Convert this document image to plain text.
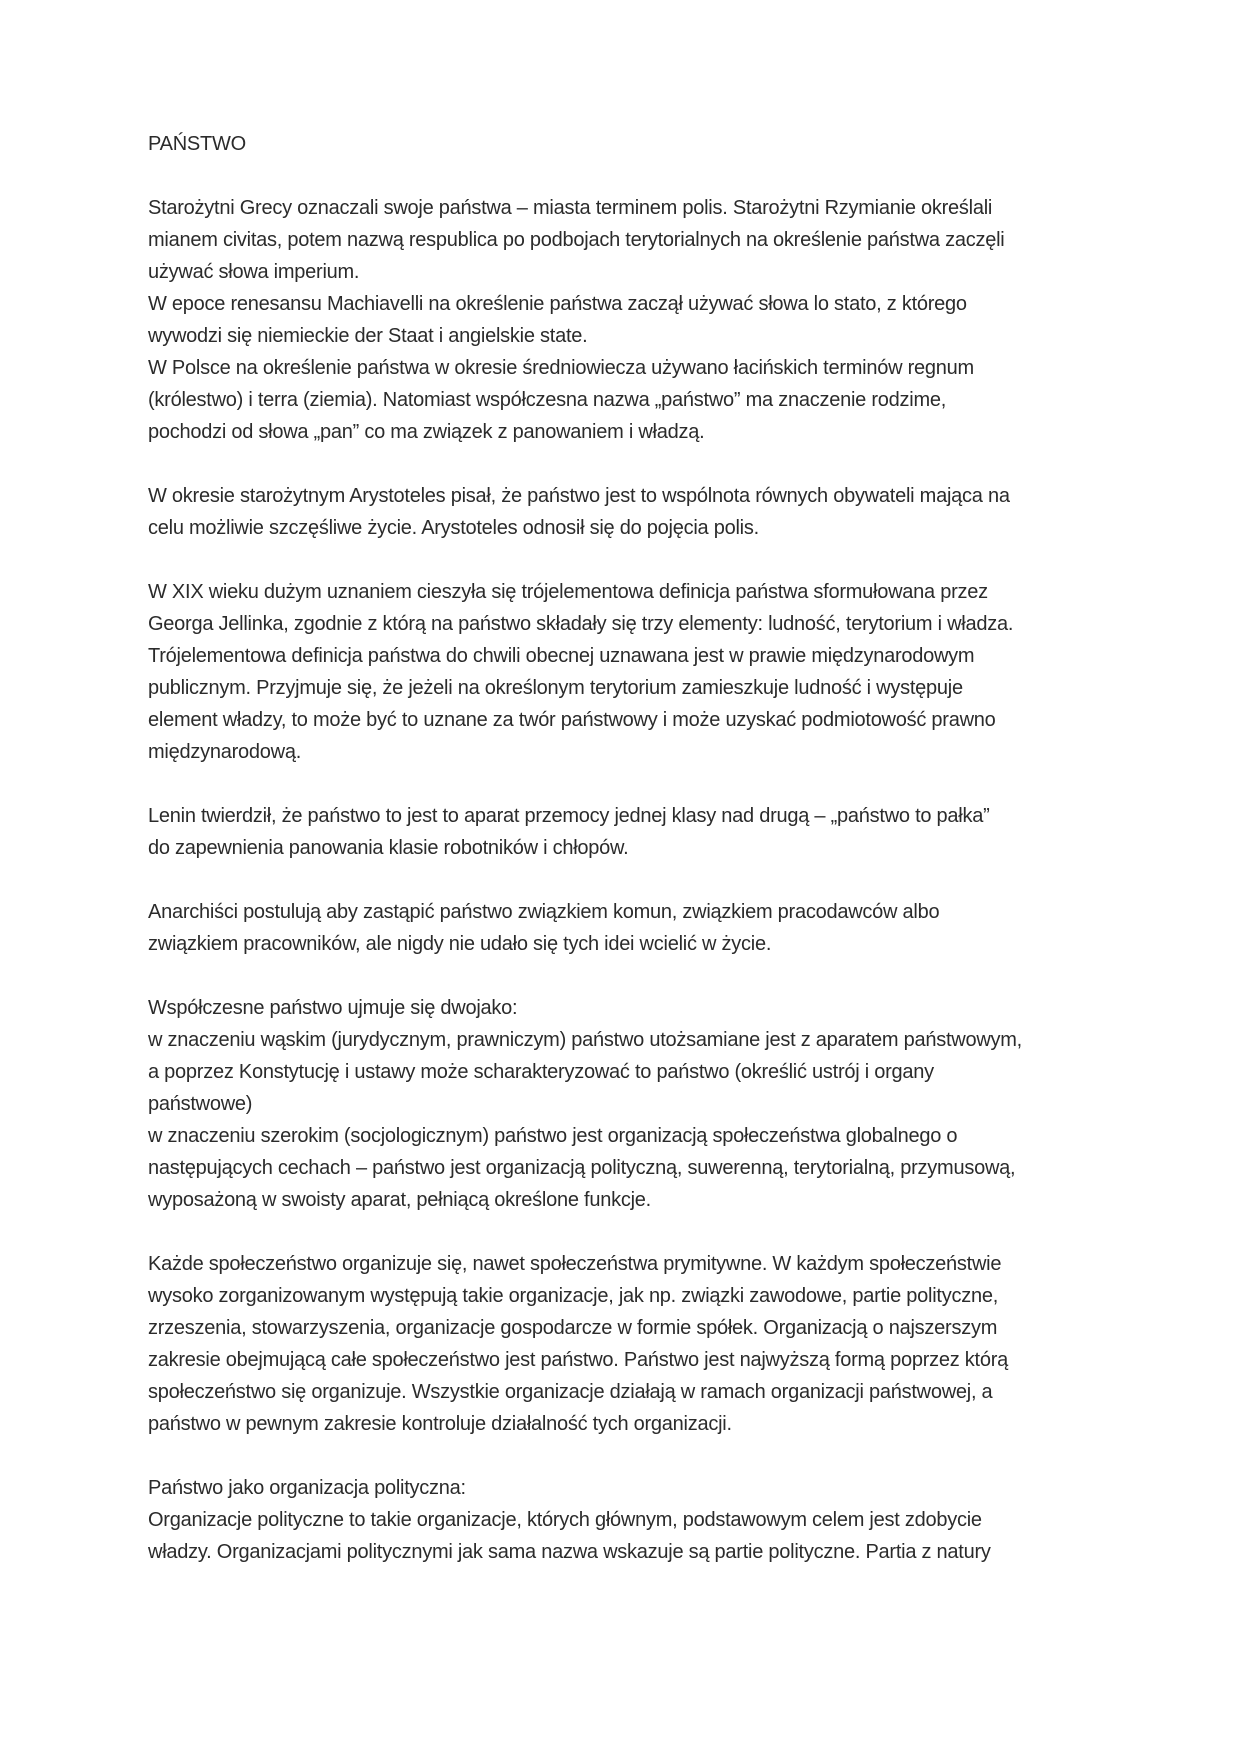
PAŃSTWO
Starożytni Grecy oznaczali swoje państwa – miasta terminem polis. Starożytni Rzymianie określali
mianem civitas, potem nazwą respublica po podbojach terytorialnych na określenie państwa zaczęli
używać słowa imperium.
W epoce renesansu Machiavelli na określenie państwa zaczął używać słowa lo stato, z którego
wywodzi się niemieckie der Staat i angielskie state.
W Polsce na określenie państwa w okresie średniowiecza używano łacińskich terminów regnum
(królestwo) i terra (ziemia). Natomiast współczesna nazwa „państwo” ma znaczenie rodzime,
pochodzi od słowa „pan” co ma związek z panowaniem i władzą.
W okresie starożytnym Arystoteles pisał, że państwo jest to wspólnota równych obywateli mająca na
celu możliwie szczęśliwe życie. Arystoteles odnosił się do pojęcia polis.
W XIX wieku dużym uznaniem cieszyła się trójelementowa definicja państwa sformułowana przez
Georga Jellinka, zgodnie z którą na państwo składały się trzy elementy: ludność, terytorium i władza.
Trójelementowa definicja państwa do chwili obecnej uznawana jest w prawie międzynarodowym
publicznym. Przyjmuje się, że jeżeli na określonym terytorium zamieszkuje ludność i występuje
element władzy, to może być to uznane za twór państwowy i może uzyskać podmiotowość prawno
międzynarodową.
Lenin twierdził, że państwo to jest to aparat przemocy jednej klasy nad drugą – „państwo to pałka”
do zapewnienia panowania klasie robotników i chłopów.
Anarchiści postulują aby zastąpić państwo związkiem komun, związkiem pracodawców albo
związkiem pracowników, ale nigdy nie udało się tych idei wcielić w życie.
Współczesne państwo ujmuje się dwojako:
w znaczeniu wąskim (jurydycznym, prawniczym) państwo utożsamiane jest z aparatem państwowym,
a poprzez Konstytucję i ustawy może scharakteryzować to państwo (określić ustrój i organy
państwowe)
w znaczeniu szerokim (socjologicznym) państwo jest organizacją społeczeństwa globalnego o
następujących cechach – państwo jest organizacją polityczną, suwerenną, terytorialną, przymusową,
wyposażoną w swoisty aparat, pełniącą określone funkcje.
Każde społeczeństwo organizuje się, nawet społeczeństwa prymitywne. W każdym społeczeństwie
wysoko zorganizowanym występują takie organizacje, jak np. związki zawodowe, partie polityczne,
zrzeszenia, stowarzyszenia, organizacje gospodarcze w formie spółek. Organizacją o najszerszym
zakresie obejmującą całe społeczeństwo jest państwo. Państwo jest najwyższą formą poprzez którą
społeczeństwo się organizuje. Wszystkie organizacje działają w ramach organizacji państwowej, a
państwo w pewnym zakresie kontroluje działalność tych organizacji.
Państwo jako organizacja polityczna:
Organizacje polityczne to takie organizacje, których głównym, podstawowym celem jest zdobycie
władzy. Organizacjami politycznymi jak sama nazwa wskazuje są partie polityczne. Partia z natury
